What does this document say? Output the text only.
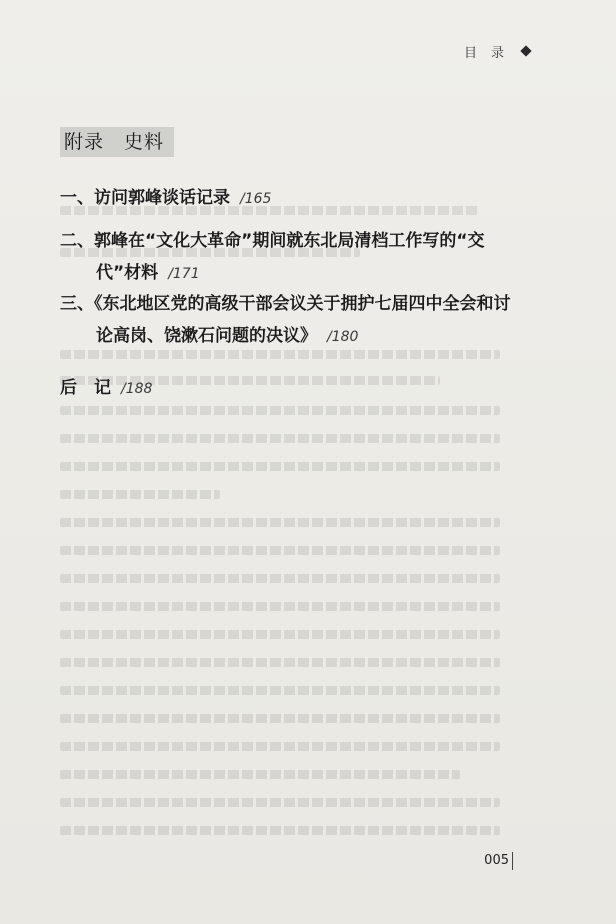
目录
附录　史料
一、访问郭峰谈话记录 /165
二、郭峰在“文化大革命”期间就东北局清档工作写的“交
代”材料 /171
三、《东北地区党的高级干部会议关于拥护七届四中全会和讨
论高岗、饶漱石问题的决议》 /180
后　记 /188
005
